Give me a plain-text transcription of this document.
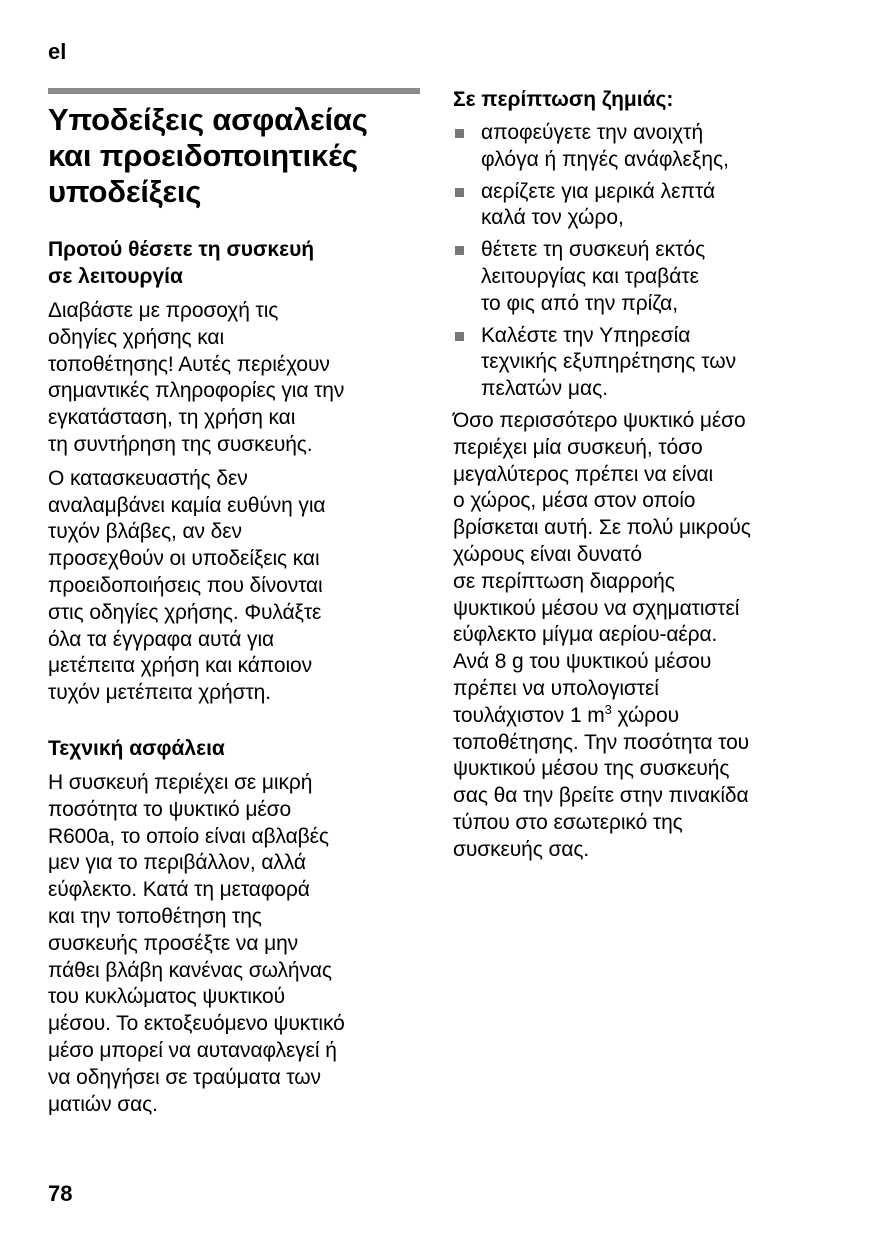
el
Υποδείξεις ασφαλείας
και προειδοποιητικές
υποδείξεις
Προτού θέσετε τη συσκευή
σε λειτουργία

Διαβάστε με προσοχή τις
οδηγίες χρήσης και
τοποθέτησης! Αυτές περιέχουν
σημαντικές πληροφορίες για την
εγκατάσταση, τη χρήση και
τη συντήρηση της συσκευής.

Ο κατασκευαστής δεν
αναλαμβάνει καμία ευθύνη για
τυχόν βλάβες, αν δεν
προσεχθούν οι υποδείξεις και
προειδοποιήσεις που δίνονται
στις οδηγίες χρήσης. Φυλάξτε
όλα τα έγγραφα αυτά για
μετέπειτα χρήση και κάποιον
τυχόν μετέπειτα χρήστη.

Τεχνική ασφάλεια

Η συσκευή περιέχει σε μικρή
ποσότητα το ψυκτικό μέσο
R600a, το οποίο είναι αβλαβές
μεν για το περιβάλλον, αλλά
εύφλεκτο. Κατά τη μεταφορά
και την τοποθέτηση της
συσκευής προσέξτε να μην
πάθει βλάβη κανένας σωλήνας
του κυκλώματος ψυκτικού
μέσου. Το εκτοξευόμενο ψυκτικό
μέσο μπορεί να αυταναφλεγεί ή
να οδηγήσει σε τραύματα των
ματιών σας.

Σε περίπτωση ζημιάς:
αποφεύγετε την ανοιχτή
φλόγα ή πηγές ανάφλεξης,
αερίζετε για μερικά λεπτά
καλά τον χώρο,
θέτετε τη συσκευή εκτός
λειτουργίας και τραβάτε
το φις από την πρίζα,
Καλέστε την Υπηρεσία
τεχνικής εξυπηρέτησης των
πελατών μας.

Όσο περισσότερο ψυκτικό μέσο
περιέχει μία συσκευή, τόσο
μεγαλύτερος πρέπει να είναι
ο χώρος, μέσα στον οποίο
βρίσκεται αυτή. Σε πολύ μικρούς
χώρους είναι δυνατό
σε περίπτωση διαρροής
ψυκτικού μέσου να σχηματιστεί
εύφλεκτο μίγμα αερίου-αέρα.
Ανά 8 g του ψυκτικού μέσου
πρέπει να υπολογιστεί
τουλάχιστον 1 $m^3$ χώρου
τοποθέτησης. Την ποσότητα του
ψυκτικού μέσου της συσκευής
σας θα την βρείτε στην πινακίδα
τύπου στο εσωτερικό της
συσκευής σας.

78
